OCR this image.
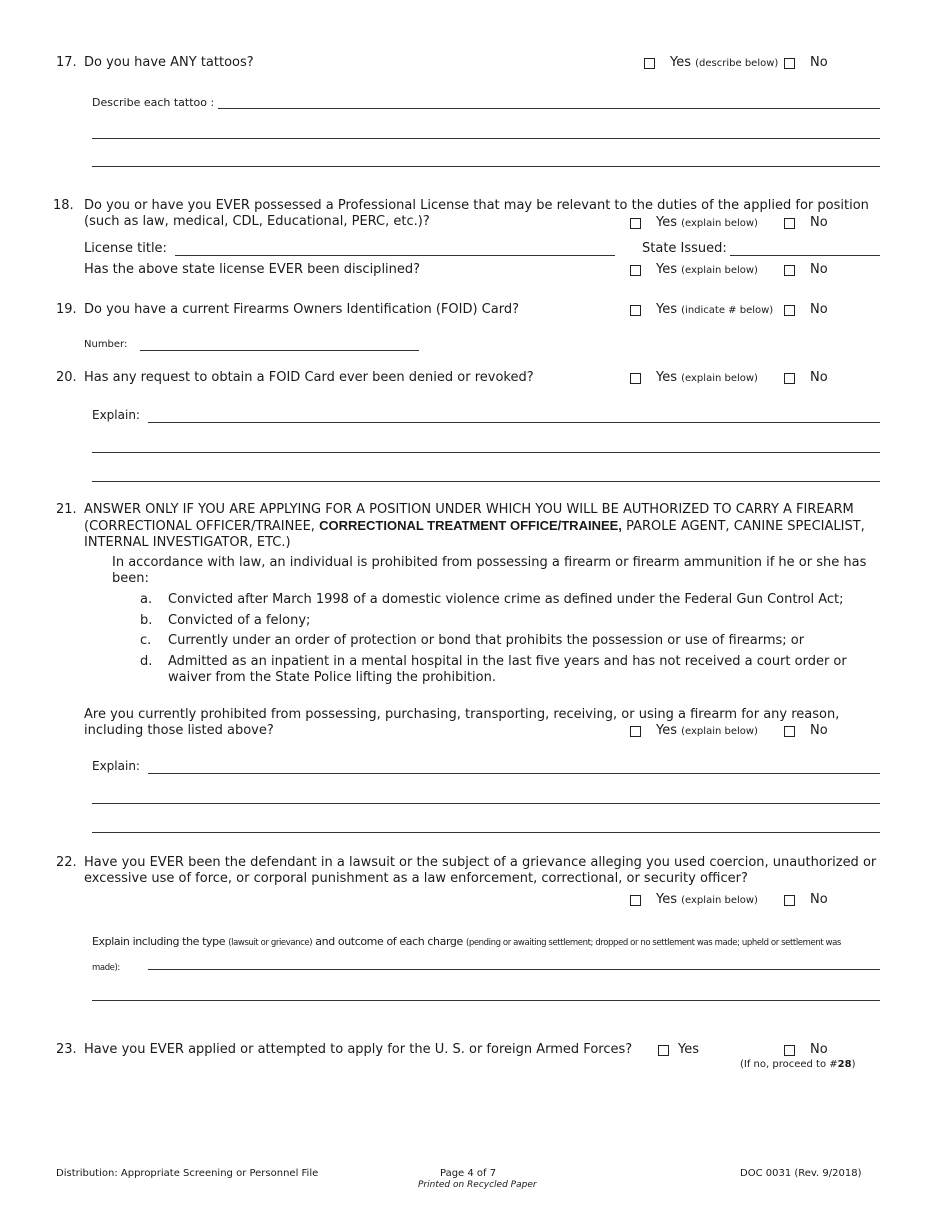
17. Do you have ANY tattoos?	Yes (describe below) No
Describe each tattoo :
18. Do you or have you EVER possessed a Professional License that may be relevant to the duties of the applied for position (such as law, medical, CDL, Educational, PERC, etc.)?	Yes (explain below)	No
License title:	State Issued:
Has the above state license EVER been disciplined?	Yes (explain below)	No
19. Do you have a current Firearms Owners Identification (FOID) Card?	Yes (indicate # below)	No
Number:
20. Has any request to obtain a FOID Card ever been denied or revoked?	Yes (explain below)	No
Explain:
21. ANSWER ONLY IF YOU ARE APPLYING FOR A POSITION UNDER WHICH YOU WILL BE AUTHORIZED TO CARRY A FIREARM (CORRECTIONAL OFFICER/TRAINEE, CORRECTIONAL TREATMENT OFFICE/TRAINEE, PAROLE AGENT, CANINE SPECIALIST, INTERNAL INVESTIGATOR, ETC.)
In accordance with law, an individual is prohibited from possessing a firearm or firearm ammunition if he or she has been:
a. Convicted after March 1998 of a domestic violence crime as defined under the Federal Gun Control Act;
b. Convicted of a felony;
c. Currently under an order of protection or bond that prohibits the possession or use of firearms; or
d. Admitted as an inpatient in a mental hospital in the last five years and has not received a court order or waiver from the State Police lifting the prohibition.
Are you currently prohibited from possessing, purchasing, transporting, receiving, or using a firearm for any reason, including those listed above?	Yes (explain below)	No
Explain:
22. Have you EVER been the defendant in a lawsuit or the subject of a grievance alleging you used coercion, unauthorized or excessive use of force, or corporal punishment as a law enforcement, correctional, or security officer?
Yes (explain below)	No
Explain including the type (lawsuit or grievance) and outcome of each charge (pending or awaiting settlement; dropped or no settlement was made; upheld or settlement was
made):
23. Have you EVER applied or attempted to apply for the U. S. or foreign Armed Forces?	Yes	No
(If no, proceed to #28)
Distribution: Appropriate Screening or Personnel File	Page 4 of 7
Printed on Recycled Paper
DOC 0031 (Rev. 9/2018)
